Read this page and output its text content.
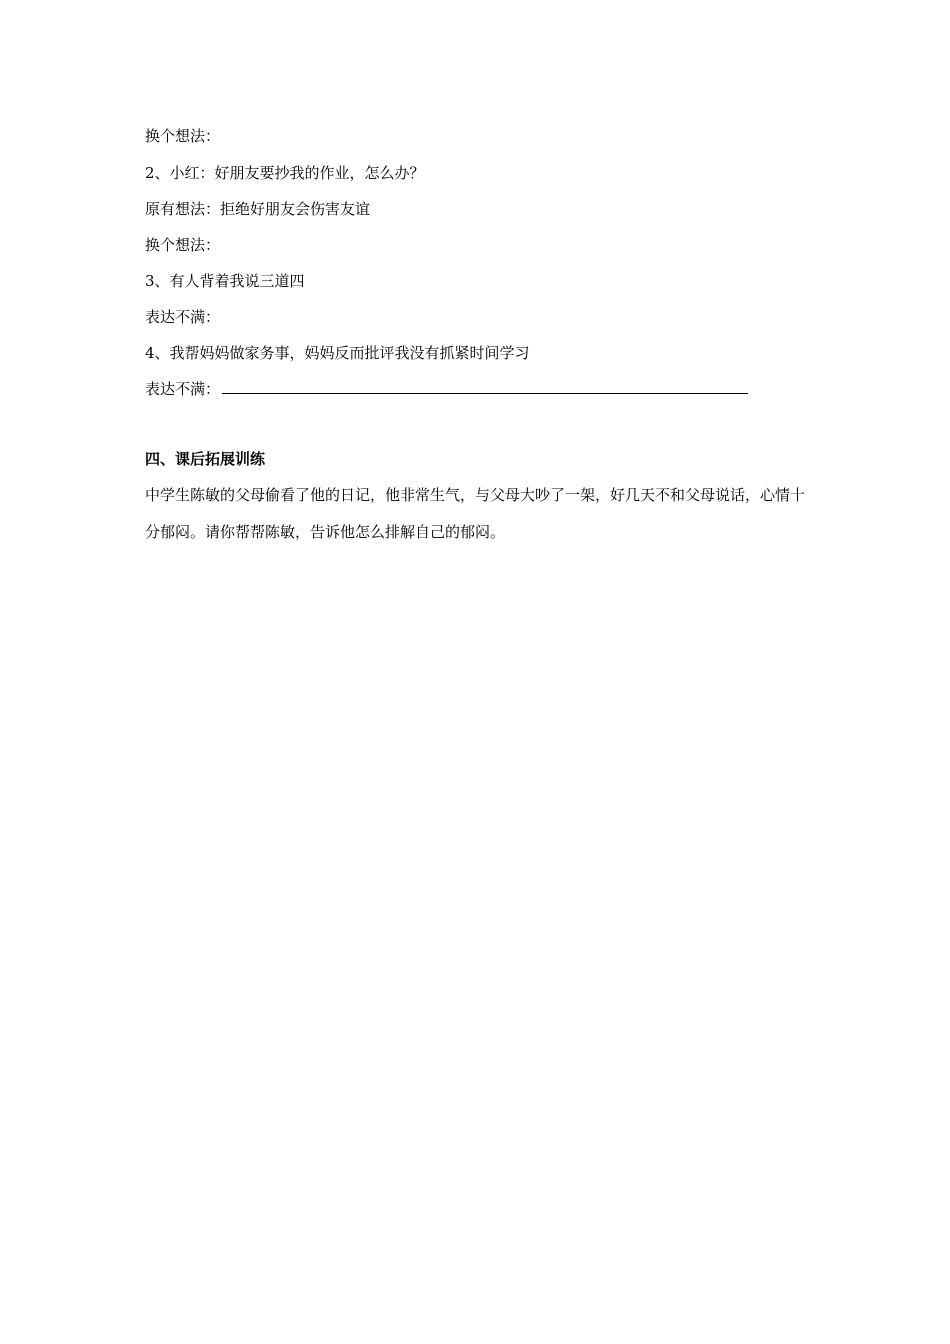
换个想法：
2、小红：好朋友要抄我的作业，怎么办？
原有想法：拒绝好朋友会伤害友谊
换个想法：
3、有人背着我说三道四
表达不满：
4、我帮妈妈做家务事，妈妈反而批评我没有抓紧时间学习
表达不满：
四、课后拓展训练
中学生陈敏的父母偷看了他的日记，他非常生气，与父母大吵了一架，好几天不和父母说话，心情十分郁闷。请你帮帮陈敏，告诉他怎么排解自己的郁闷。
